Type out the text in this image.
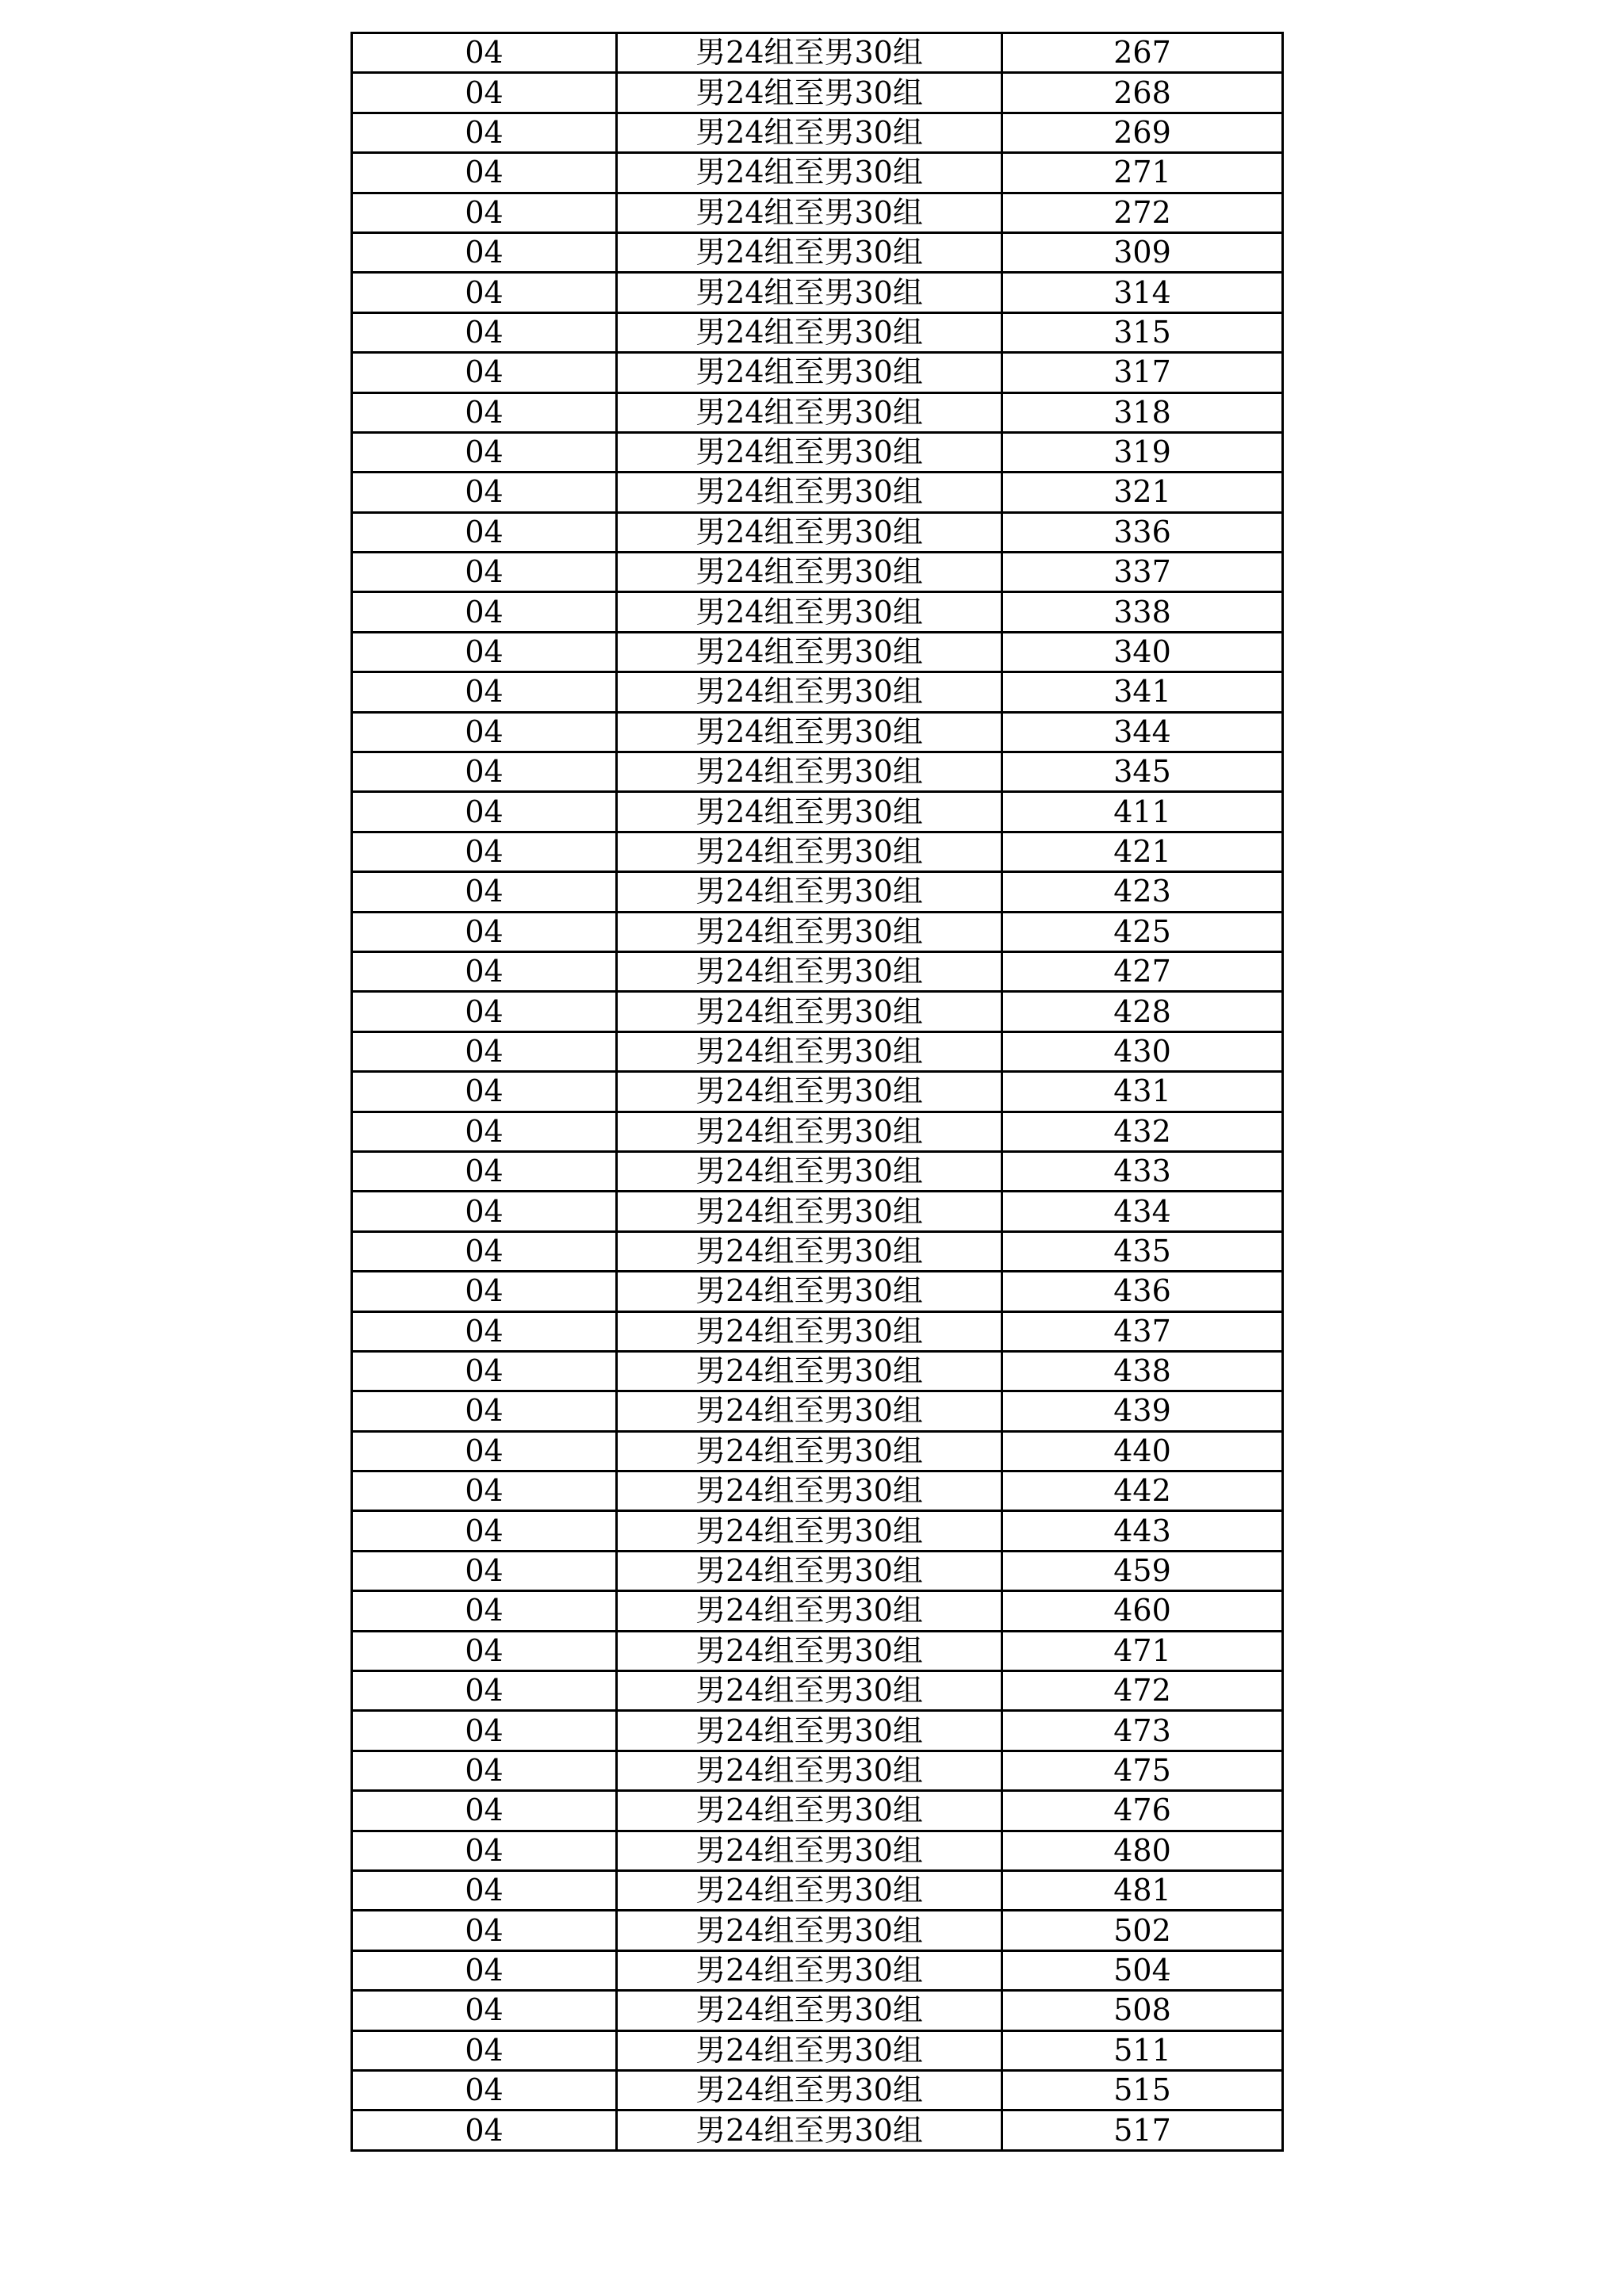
04	男24组至男30组	267
04	男24组至男30组	268
04	男24组至男30组	269
04	男24组至男30组	271
04	男24组至男30组	272
04	男24组至男30组	309
04	男24组至男30组	314
04	男24组至男30组	315
04	男24组至男30组	317
04	男24组至男30组	318
04	男24组至男30组	319
04	男24组至男30组	321
04	男24组至男30组	336
04	男24组至男30组	337
04	男24组至男30组	338
04	男24组至男30组	340
04	男24组至男30组	341
04	男24组至男30组	344
04	男24组至男30组	345
04	男24组至男30组	411
04	男24组至男30组	421
04	男24组至男30组	423
04	男24组至男30组	425
04	男24组至男30组	427
04	男24组至男30组	428
04	男24组至男30组	430
04	男24组至男30组	431
04	男24组至男30组	432
04	男24组至男30组	433
04	男24组至男30组	434
04	男24组至男30组	435
04	男24组至男30组	436
04	男24组至男30组	437
04	男24组至男30组	438
04	男24组至男30组	439
04	男24组至男30组	440
04	男24组至男30组	442
04	男24组至男30组	443
04	男24组至男30组	459
04	男24组至男30组	460
04	男24组至男30组	471
04	男24组至男30组	472
04	男24组至男30组	473
04	男24组至男30组	475
04	男24组至男30组	476
04	男24组至男30组	480
04	男24组至男30组	481
04	男24组至男30组	502
04	男24组至男30组	504
04	男24组至男30组	508
04	男24组至男30组	511
04	男24组至男30组	515
04	男24组至男30组	517
